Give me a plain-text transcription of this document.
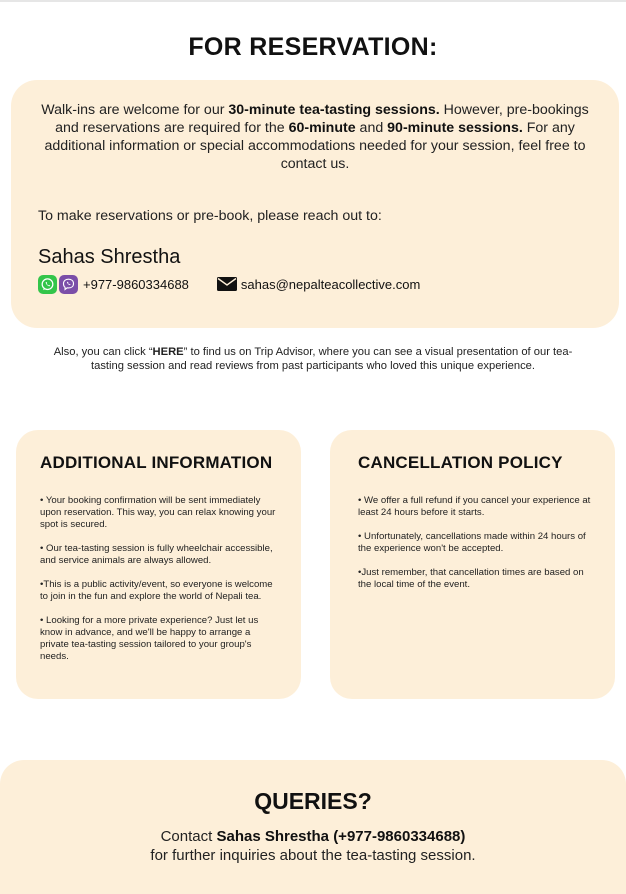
FOR RESERVATION:

Walk-ins are welcome for our 30-minute tea-tasting sessions. However, pre-bookings and reservations are required for the 60-minute and 90-minute sessions. For any additional information or special accommodations needed for your session, feel free to contact us.

To make reservations or pre-book, please reach out to:

Sahas Shrestha
+977-9860334688	sahas@nepalteacollective.com

Also, you can click “HERE” to find us on Trip Advisor, where you can see a visual presentation of our tea-tasting session and read reviews from past participants who loved this unique experience.

ADDITIONAL INFORMATION

• Your booking confirmation will be sent immediately upon reservation. This way, you can relax knowing your spot is secured.

• Our tea-tasting session is fully wheelchair accessible, and service animals are always allowed.

•This is a public activity/event, so everyone is welcome to join in the fun and explore the world of Nepali tea.

• Looking for a more private experience? Just let us know in advance, and we'll be happy to arrange a private tea-tasting session tailored to your group's needs.

CANCELLATION POLICY

• We offer a full refund if you cancel your experience at least 24 hours before it starts.

• Unfortunately, cancellations made within 24 hours of the experience won't be accepted.

•Just remember, that cancellation times are based on the local time of the event.

QUERIES?

Contact Sahas Shrestha (+977-9860334688)
for further inquiries about the tea-tasting session.
